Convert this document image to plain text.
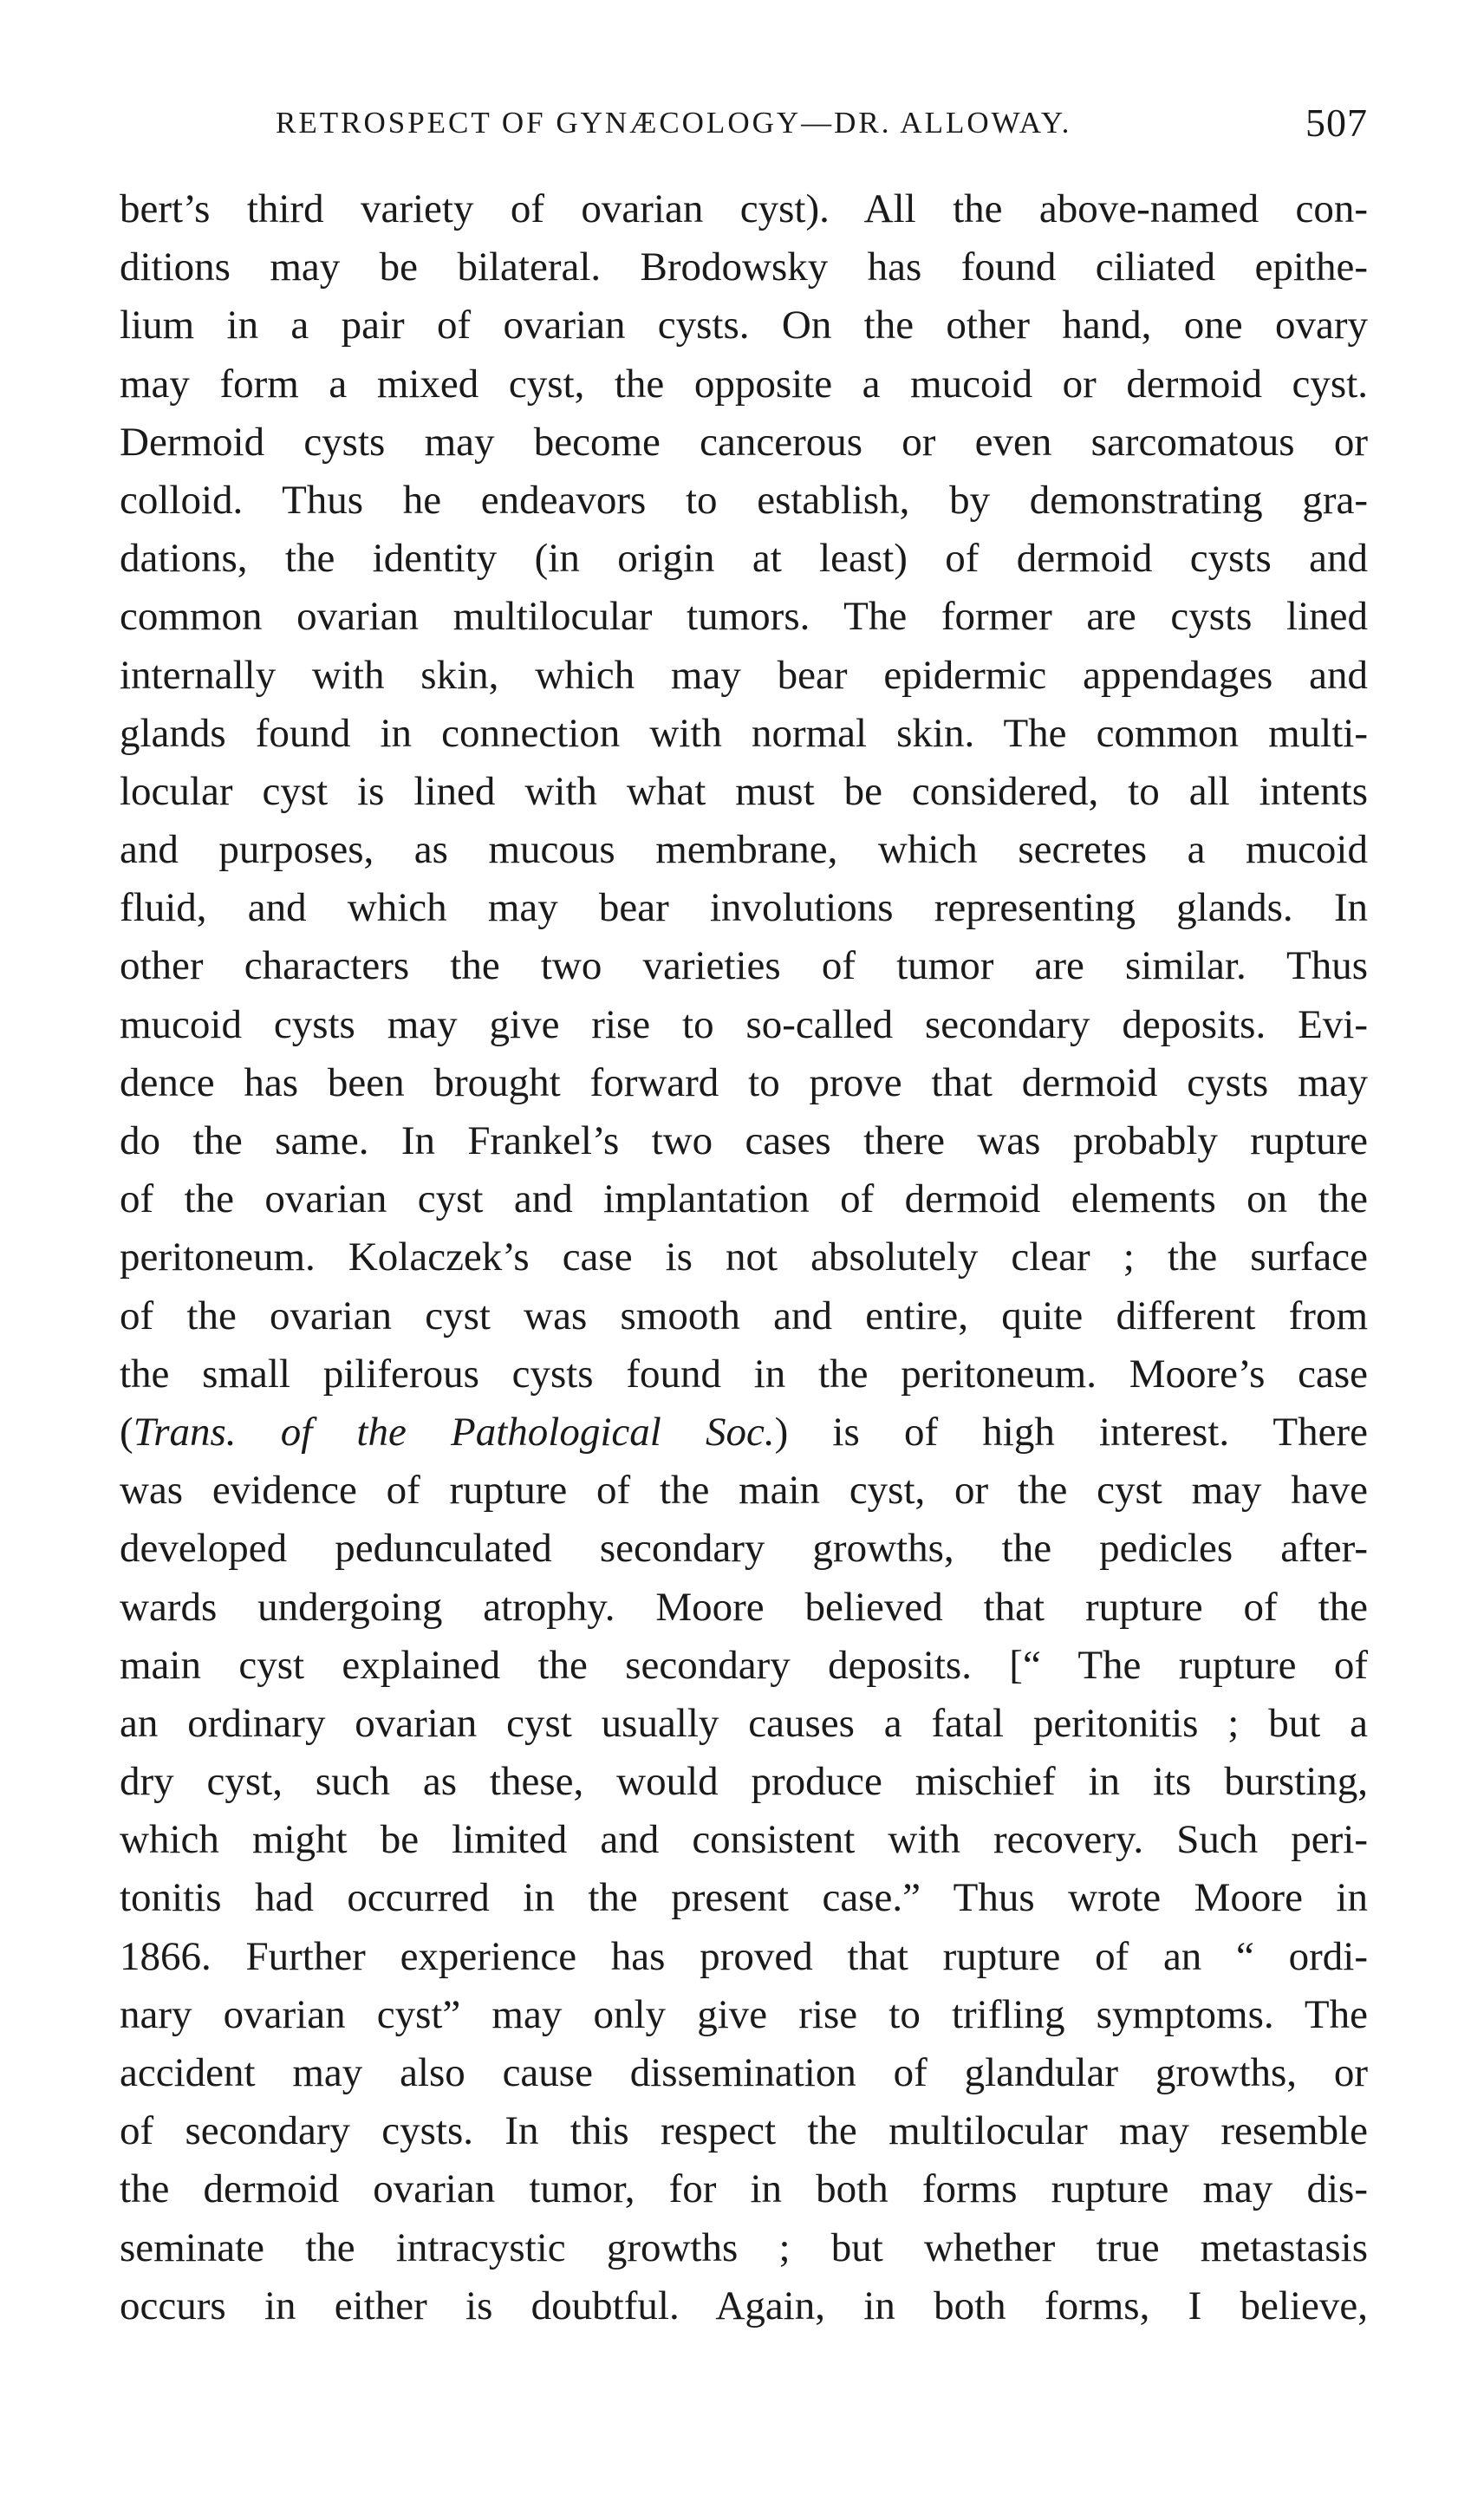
RETROSPECT OF GYNÆCOLOGY—DR. ALLOWAY.	507
bert’s third variety of ovarian cyst). All the above-named con-
ditions may be bilateral. Brodowsky has found ciliated epithe-
lium in a pair of ovarian cysts. On the other hand, one ovary
may form a mixed cyst, the opposite a mucoid or dermoid cyst.
Dermoid cysts may become cancerous or even sarcomatous or
colloid. Thus he endeavors to establish, by demonstrating gra-
dations, the identity (in origin at least) of dermoid cysts and
common ovarian multilocular tumors. The former are cysts lined
internally with skin, which may bear epidermic appendages and
glands found in connection with normal skin. The common multi-
locular cyst is lined with what must be considered, to all intents
and purposes, as mucous membrane, which secretes a mucoid
fluid, and which may bear involutions representing glands. In
other characters the two varieties of tumor are similar. Thus
mucoid cysts may give rise to so-called secondary deposits. Evi-
dence has been brought forward to prove that dermoid cysts may
do the same. In Frankel’s two cases there was probably rupture
of the ovarian cyst and implantation of dermoid elements on the
peritoneum. Kolaczek’s case is not absolutely clear ; the surface
of the ovarian cyst was smooth and entire, quite different from
the small piliferous cysts found in the peritoneum. Moore’s case
(Trans. of the Pathological Soc.) is of high interest. There
was evidence of rupture of the main cyst, or the cyst may have
developed pedunculated secondary growths, the pedicles after-
wards undergoing atrophy. Moore believed that rupture of the
main cyst explained the secondary deposits. [“ The rupture of
an ordinary ovarian cyst usually causes a fatal peritonitis ; but a
dry cyst, such as these, would produce mischief in its bursting,
which might be limited and consistent with recovery. Such peri-
tonitis had occurred in the present case.” Thus wrote Moore in
1866. Further experience has proved that rupture of an “ ordi-
nary ovarian cyst” may only give rise to trifling symptoms. The
accident may also cause dissemination of glandular growths, or
of secondary cysts. In this respect the multilocular may resemble
the dermoid ovarian tumor, for in both forms rupture may dis-
seminate the intracystic growths ; but whether true metastasis
occurs in either is doubtful. Again, in both forms, I believe,
